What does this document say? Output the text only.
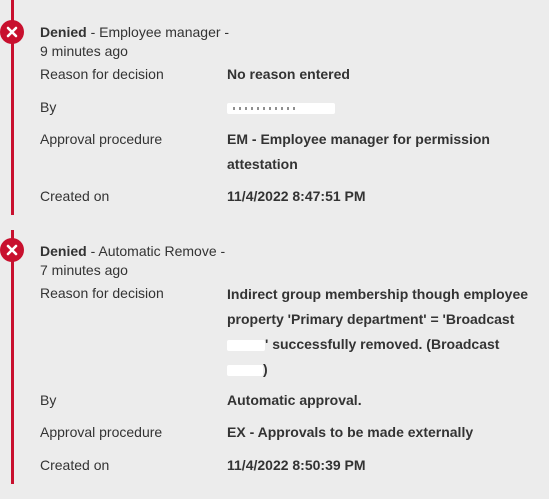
Denied - Employee manager -
9 minutes ago
Reason for decision	No reason entered
By
Approval procedure	EM - Employee manager for permission attestation
Created on	11/4/2022 8:47:51 PM
Denied - Automatic Remove -
7 minutes ago
Reason for decision	Indirect group membership though employee property 'Primary department' = 'Broadcast
' successfully removed. (Broadcast
)
By	Automatic approval.
Approval procedure	EX - Approvals to be made externally
Created on	11/4/2022 8:50:39 PM
